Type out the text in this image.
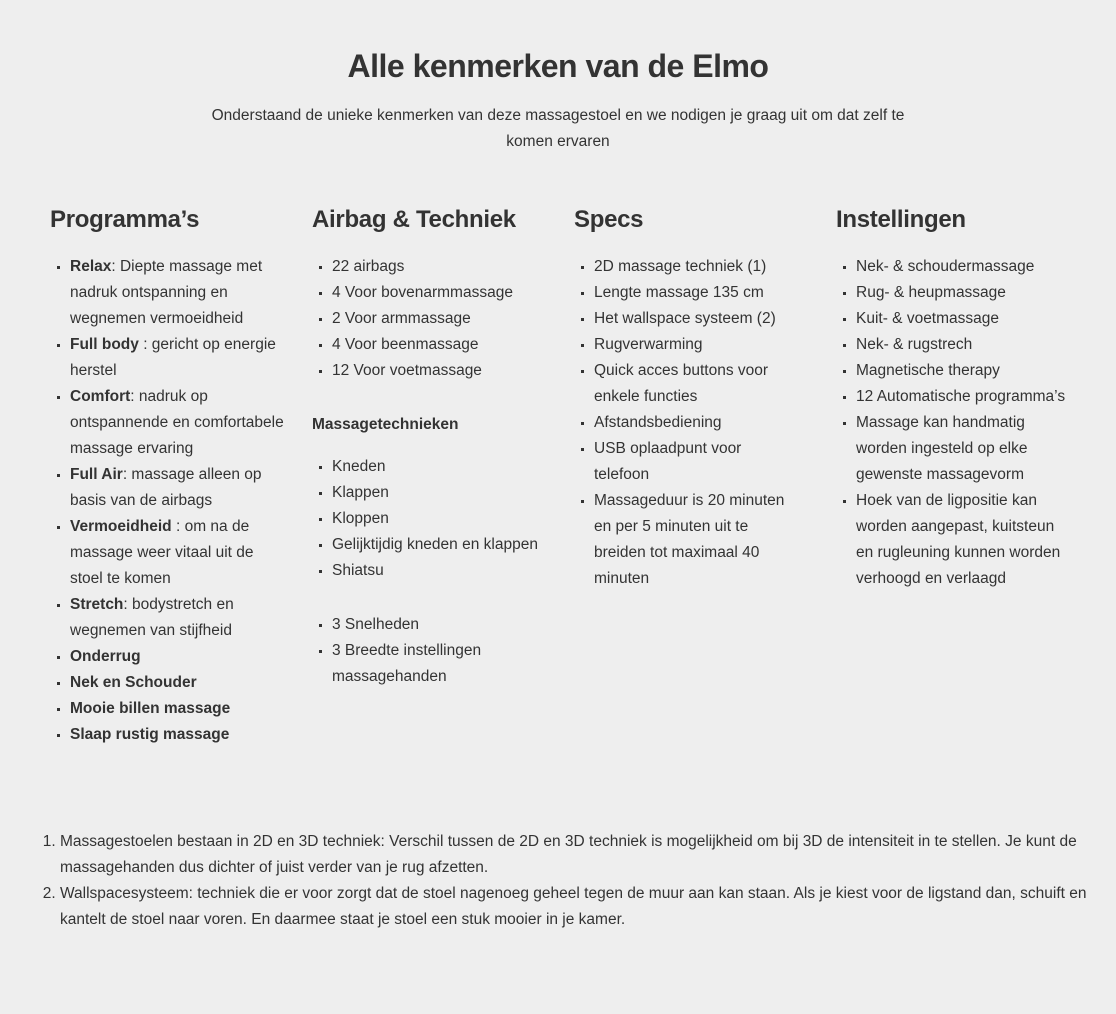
Alle kenmerken van de Elmo

Onderstaand de unieke kenmerken van deze massagestoel en we nodigen je graag uit om dat zelf te komen ervaren

Programma’s
▪ Relax: Diepte massage met nadruk ontspanning en wegnemen vermoeidheid
▪ Full body : gericht op energie herstel
▪ Comfort: nadruk op ontspannende en comfortabele massage ervaring
▪ Full Air: massage alleen op basis van de airbags
▪ Vermoeidheid : om na de massage weer vitaal uit de stoel te komen
▪ Stretch: bodystretch en wegnemen van stijfheid
▪ Onderrug
▪ Nek en Schouder
▪ Mooie billen massage
▪ Slaap rustig massage
Airbag & Techniek
▪ 22 airbags
▪ 4 Voor bovenarmmassage
▪ 2 Voor armmassage
▪ 4 Voor beenmassage
▪ 12 Voor voetmassage
Massagetechnieken
▪ Kneden
▪ Klappen
▪ Kloppen
▪ Gelijktijdig kneden en klappen
▪ Shiatsu
▪ 3 Snelheden
▪ 3 Breedte instellingen massagehanden
Specs
▪ 2D massage techniek (1)
▪ Lengte massage 135 cm
▪ Het wallspace systeem (2)
▪ Rugverwarming
▪ Quick acces buttons voor enkele functies
▪ Afstandsbediening
▪ USB oplaadpunt voor telefoon
▪ Massageduur is 20 minuten en per 5 minuten uit te breiden tot maximaal 40 minuten
Instellingen
▪ Nek- & schoudermassage
▪ Rug- & heupmassage
▪ Kuit- & voetmassage
▪ Nek- & rugstrech
▪ Magnetische therapy
▪ 12 Automatische programma’s
▪ Massage kan handmatig worden ingesteld op elke gewenste massagevorm
▪ Hoek van de ligpositie kan worden aangepast, kuitsteun en rugleuning kunnen worden verhoogd en verlaagd
1. Massagestoelen bestaan in 2D en 3D techniek: Verschil tussen de 2D en 3D techniek is mogelijkheid om bij 3D de intensiteit in te stellen. Je kunt de massagehanden dus dichter of juist verder van je rug afzetten.
2. Wallspacesysteem: techniek die er voor zorgt dat de stoel nagenoeg geheel tegen de muur aan kan staan. Als je kiest voor de ligstand dan, schuift en kantelt de stoel naar voren. En daarmee staat je stoel een stuk mooier in je kamer.
